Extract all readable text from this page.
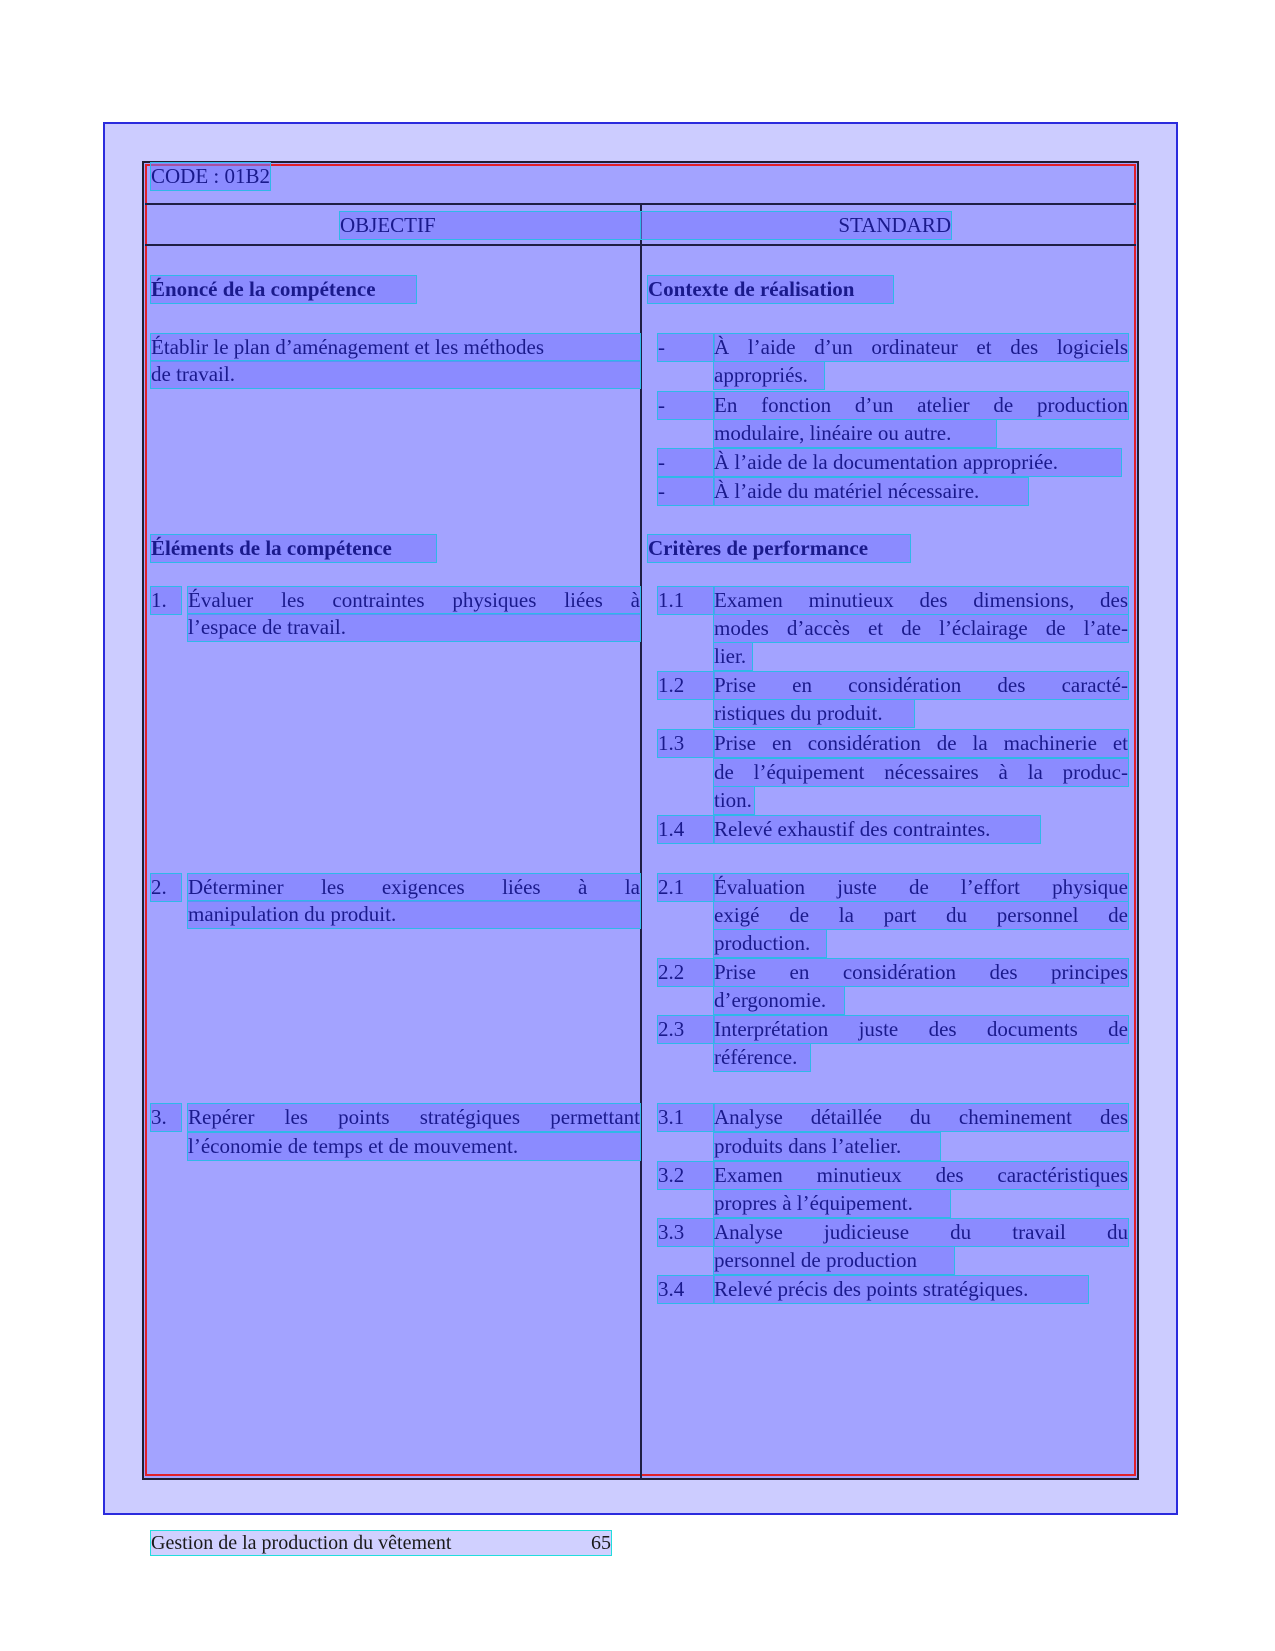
CODE : 01B2
OBJECTIF	STANDARD
Énoncé de la compétence
Établir le plan d’aménagement et les méthodes
de travail.
Éléments de la compétence
1.	Évaluer les contraintes physiques liées à
l’espace de travail.
2.	Déterminer les exigences liées à la
manipulation du produit.
3.	Repérer les points stratégiques permettant
l’économie de temps et de mouvement.
Contexte de réalisation
-	À l’aide d’un ordinateur et des logiciels
appropriés.
-	En fonction d’un atelier de production
modulaire, linéaire ou autre.
-	À l’aide de la documentation appropriée.
-	À l’aide du matériel nécessaire.
Critères de performance
1.1	Examen minutieux des dimensions, des
modes d’accès et de l’éclairage de l’ate-
lier.
1.2	Prise en considération des caracté-
ristiques du produit.
1.3	Prise en considération de la machinerie et
de l’équipement nécessaires à la produc-
tion.
1.4	Relevé exhaustif des contraintes.
2.1	Évaluation juste de l’effort physique
exigé de la part du personnel de
production.
2.2	Prise en considération des principes
d’ergonomie.
2.3	Interprétation juste des documents de
référence.
3.1	Analyse détaillée du cheminement des
produits dans l’atelier.
3.2	Examen minutieux des caractéristiques
propres à l’équipement.
3.3	Analyse judicieuse du travail du
personnel de production
3.4	Relevé précis des points stratégiques.
Gestion de la production du vêtement	65
